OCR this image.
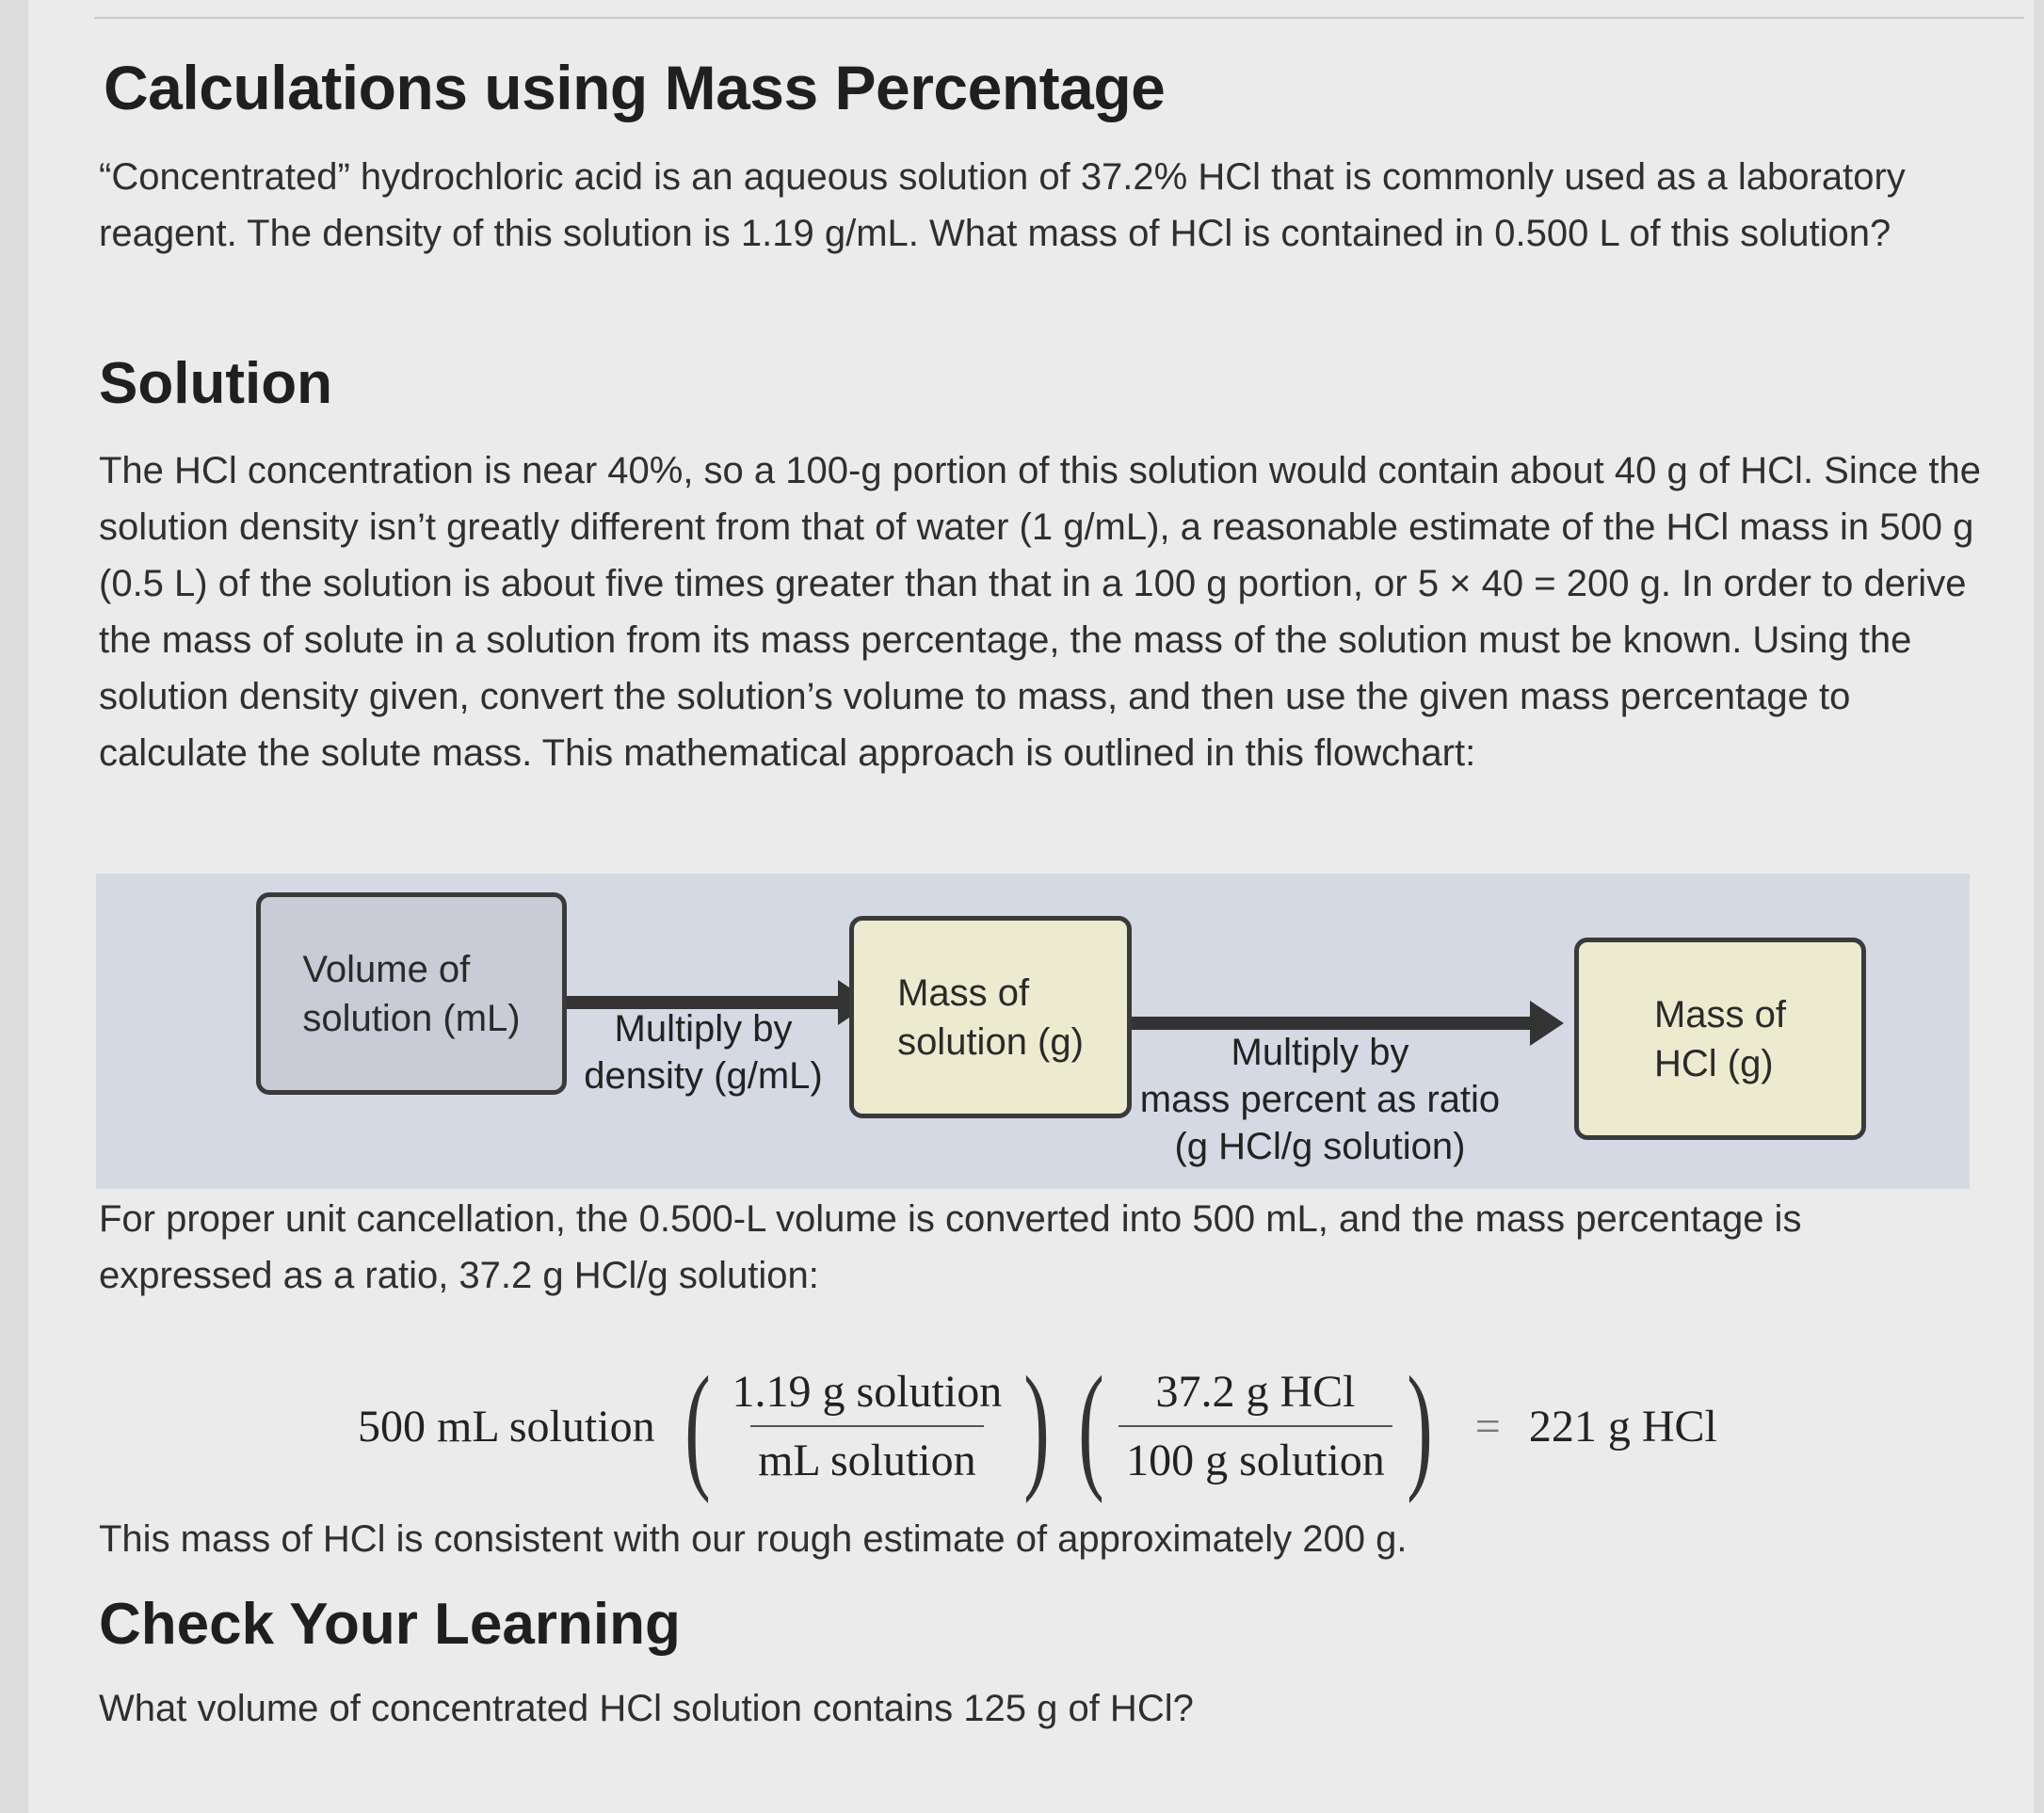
Calculations using Mass Percentage

“Concentrated” hydrochloric acid is an aqueous solution of 37.2% HCl that is commonly used as a laboratory reagent. The density of this solution is 1.19 g/mL. What mass of HCl is contained in 0.500 L of this solution?

Solution

The HCl concentration is near 40%, so a 100-g portion of this solution would contain about 40 g of HCl. Since the solution density isn’t greatly different from that of water (1 g/mL), a reasonable estimate of the HCl mass in 500 g (0.5 L) of the solution is about five times greater than that in a 100 g portion, or 5 × 40 = 200 g. In order to derive the mass of solute in a solution from its mass percentage, the mass of the solution must be known. Using the solution density given, convert the solution’s volume to mass, and then use the given mass percentage to calculate the solute mass. This mathematical approach is outlined in this flowchart:

Volume of
solution (mL)	Multiply by
density (g/mL)
Mass of
solution (g)	Multiply by
mass percent as ratio
(g HCl/g solution)
Mass of
HCl (g)

For proper unit cancellation, the 0.500-L volume is converted into 500 mL, and the mass percentage is expressed as a ratio, 37.2 g HCl/g solution:

500 mL solution ( $\frac{\text{1.19 g solution}}{\text{mL solution}}$ ) ( $\frac{\text{37.2 g HCl}}{\text{100 g solution}}$ ) = 221 g HCl

This mass of HCl is consistent with our rough estimate of approximately 200 g.

Check Your Learning

What volume of concentrated HCl solution contains 125 g of HCl?
